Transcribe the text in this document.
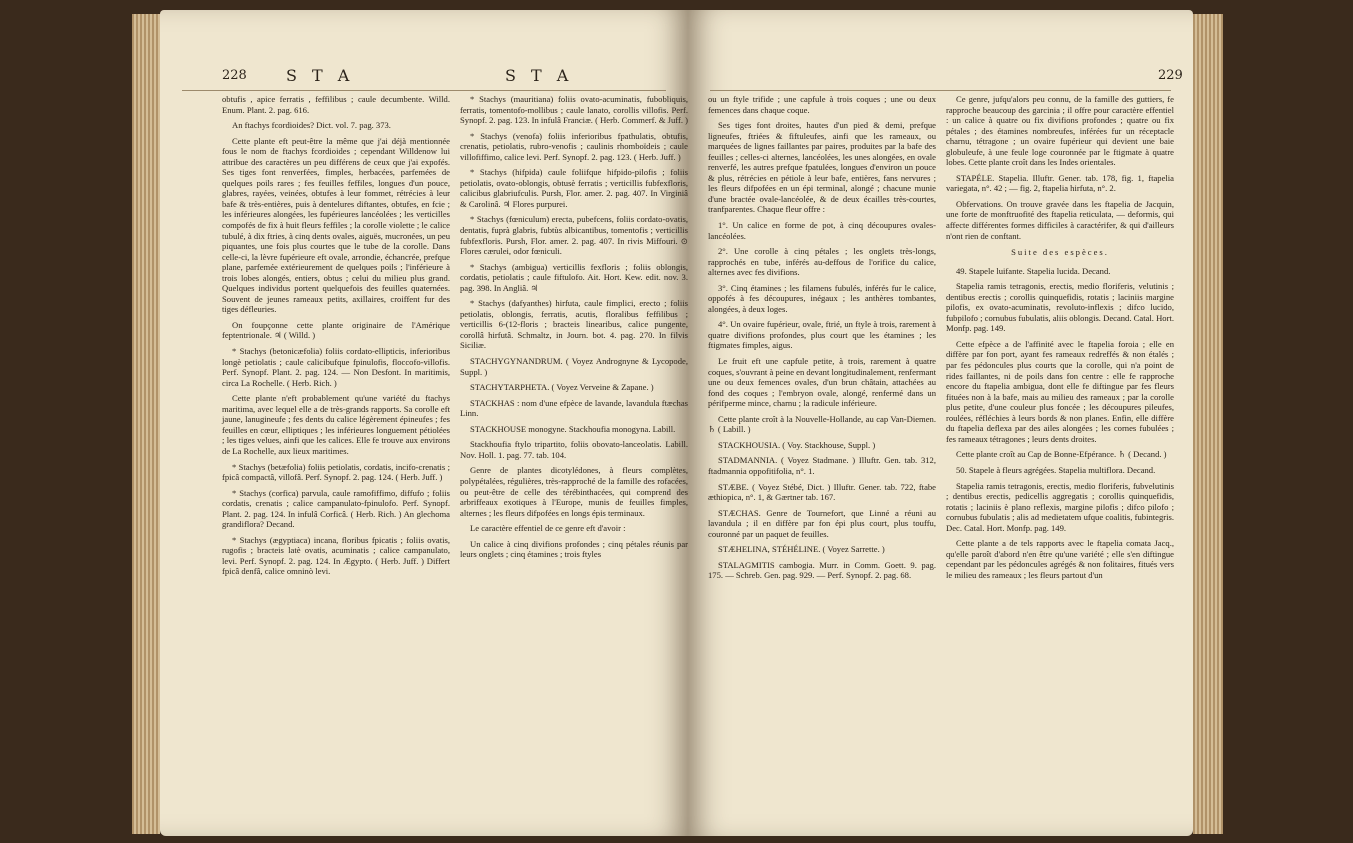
228 S T A	S T A

obtufis , apice ferratis , feffilibus ; caule decumbente. Willd. Enum. Plant. 2. pag. 616.

An ftachys fcordioides? Dict. vol. 7. pag. 373.

Cette plante eft peut-être la même que j'ai déjà mentionnée fous le nom de ftachys fcordioides ; cependant Willdenow lui attribue des caractères un peu différens de ceux que j'ai expofés. Ses tiges font renverfées, fimples, herbacées, parfemées de quelques poils rares ; fes feuilles feffiles, longues d'un pouce, glabres, rayées, veinées, obtufes à leur fommet, rétrécies à leur bafe & très-entières, puis à dentelures diftantes, obtufes, en fcie ; les inférieures alongées, les fupérieures lancéolées ; les verticilles compofés de fix à huit fleurs feffiles ; la corolle violette ; le calice tubulé, à dix ftries, à cinq dents ovales, aiguës, mucronées, un peu piquantes, une fois plus courtes que le tube de la corolle. Dans celle-ci, la lèvre fupérieure eft ovale, arrondie, échancrée, prefque plane, parfemée extérieurement de quelques poils ; l'inférieure à trois lobes alongés, entiers, obtus ; celui du milieu plus grand. Quelques individus portent quelquefois des feuilles quaternées. Souvent de jeunes rameaux petits, axillaires, croiffent fur des tiges défleuries.

On foupçonne cette plante originaire de l'Amérique feptentrionale. ♃ ( Willd. )

* Stachys (betonicæfolia) foliis cordato-ellipticis, inferioribus longè petiolatis ; caule calicibufque fpinulofis, floccofo-villofis. Perf. Synopf. Plant. 2. pag. 124. — Non Desfont. In maritimis, circa La Rochelle. ( Herb. Rich. )

Cette plante n'eft probablement qu'une variété du ftachys maritima, avec lequel elle a de très-grands rapports. Sa corolle eft jaune, lanugineufe ; fes dents du calice légèrement épineufes ; fes feuilles en cœur, elliptiques ; les inférieures longuement pétiolées ; les tiges velues, ainfi que les calices. Elle fe trouve aux environs de La Rochelle, aux lieux maritimes.

* Stachys (betæfolia) foliis petiolatis, cordatis, incifo-crenatis ; fpicâ compactâ, villofâ. Perf. Synopf. 2. pag. 124. ( Herb. Juff. )

* Stachys (corfica) parvula, caule ramofiffimo, diffufo ; foliis cordatis, crenatis ; calice campanulato-fpinulofo. Perf. Synopf. Plant. 2. pag. 124. In infulâ Corficâ. ( Herb. Rich. ) An glechoma grandiflora? Decand.

* Stachys (ægyptiaca) incana, floribus fpicatis ; foliis ovatis, rugofis ; bracteis latè ovatis, acuminatis ; calice campanulato, levi. Perf. Synopf. 2. pag. 124. In Ægypto. ( Herb. Juff. ) Differt fpicâ denfâ, calice omninò levi.

* Stachys (mauritiana) foliis ovato-acuminatis, fubobliquis, ferratis, tomentofo-mollibus ; caule lanato, corollis villofis. Perf. Synopf. 2. pag. 123. In infulâ Franciæ. ( Herb. Commerf. & Juff. )

* Stachys (venofa) foliis inferioribus fpathulatis, obtufis, crenatis, petiolatis, rubro-venofis ; caulinis rhomboïdeis ; caule villofiffimo, calice levi. Perf. Synopf. 2. pag. 123. ( Herb. Juff. )

* Stachys (hifpida) caule foliifque hifpido-pilofis ; foliis petiolatis, ovato-oblongis, obtusè ferratis ; verticillis fubfexfloris, calicibus glabriufculis. Pursh, Flor. amer. 2. pag. 407. In Virginiâ & Carolinâ. ♃ Flores purpurei.

* Stachys (fœniculum) erecta, pubefcens, foliis cordato-ovatis, dentatis, fuprà glabris, fubtùs albicantibus, tomentofis ; verticillis fubfexfloris. Pursh, Flor. amer. 2. pag. 407. In rivis Miffouri. ⊙ Flores cærulei, odor fœniculi.

* Stachys (ambigua) verticillis fexfloris ; foliis oblongis, cordatis, petiolatis ; caule fiftulofo. Ait. Hort. Kew. edit. nov. 3. pag. 398. In Angliâ. ♃

* Stachys (dafyanthes) hirfuta, caule fimplici, erecto ; foliis petiolatis, oblongis, ferratis, acutis, floralibus feffilibus ; verticillis 6-(12-floris ; bracteis linearibus, calice pungente, corollâ hirfutâ. Schmaltz, in Journ. bot. 4. pag. 270. In filvis Siciliæ.

STACHYGYNANDRUM. ( Voyez Andrognyne & Lycopode, Suppl. )

STACHYTARPHETA. ( Voyez Verveine & Zapane. )

STACKHAS : nom d'une efpèce de lavande, lavandula ftæchas Linn.

STACKHOUSE monogyne. Stackhoufia monogyna. Labill.

Stackhoufia ftylo tripartito, foliis obovato-lanceolatis. Labill. Nov. Holl. 1. pag. 77. tab. 104.

Genre de plantes dicotylédones, à fleurs complètes, polypétalées, régulières, très-rapproché de la famille des rofacées, ou peut-être de celle des térébinthacées, qui comprend des arbriffeaux exotiques à l'Europe, munis de feuilles fimples, alternes ; les fleurs difpofées en longs épis terminaux.

Le caractère effentiel de ce genre eft d'avoir :

Un calice à cinq divifions profondes ; cinq pétales réunis par leurs onglets ; cinq étamines ; trois ftyles

229

ou un ftyle trifide ; une capfule à trois coques ; une ou deux femences dans chaque coque.

Ses tiges font droites, hautes d'un pied & demi, prefque ligneufes, ftriées & fiftuleufes, ainfi que les rameaux, ou marquées de lignes faillantes par paires, produites par la bafe des feuilles ; celles-ci alternes, lancéolées, les unes alongées, en ovale renverfé, les autres prefque fpatulées, longues d'environ un pouce & plus, rétrécies en pétiole à leur bafe, entières, fans nervures ; les fleurs difpofées en un épi terminal, alongé ; chacune munie d'une bractée ovale-lancéolée, & de deux écailles très-courtes, tranfparentes. Chaque fleur offre :

1°. Un calice en forme de pot, à cinq découpures ovales-lancéolées.

2°. Une corolle à cinq pétales ; les onglets très-longs, rapprochés en tube, inférés au-deffous de l'orifice du calice, alternes avec fes divifions.

3°. Cinq étamines ; les filamens fubulés, inférés fur le calice, oppofés à fes découpures, inégaux ; les anthères tombantes, alongées, à deux loges.

4°. Un ovaire fupérieur, ovale, ftrié, un ftyle à trois, rarement à quatre divifions profondes, plus court que les étamines ; les ftigmates fimples, aigus.

Le fruit eft une capfule petite, à trois, rarement à quatre coques, s'ouvrant à peine en devant longitudinalement, renfermant une ou deux femences ovales, d'un brun châtain, attachées au fond des coques ; l'embryon ovale, alongé, renfermé dans un périfperme mince, charnu ; la radicule inférieure.

Cette plante croît à la Nouvelle-Hollande, au cap Van-Diemen. ♄ ( Labill. )

STACKHOUSIA. ( Voy. Stackhouse, Suppl. )

STADMANNIA. ( Voyez Stadmane. ) Illuftr. Gen. tab. 312, ftadmannia oppofitifolia, n°. 1.

STÆBE. ( Voyez Stébé, Dict. ) Illuftr. Gener. tab. 722, ftabe æthiopica, n°. 1, & Gærtner tab. 167.

STÆCHAS. Genre de Tournefort, que Linné a réuni au lavandula ; il en diffère par fon épi plus court, plus touffu, couronné par un paquet de feuilles.

STÆHELINA, STÉHÉLINE. ( Voyez Sarrette. )

STALAGMITIS cambogia. Murr. in Comm. Goett. 9. pag. 175. — Schreb. Gen. pag. 929. — Perf. Synopf. 2. pag. 68.

Ce genre, jufqu'alors peu connu, de la famille des guttiers, fe rapproche beaucoup des garcinia ; il offre pour caractère effentiel : un calice à quatre ou fix divifions profondes ; quatre ou fix pétales ; des étamines nombreufes, inférées fur un réceptacle charnu, tétragone ; un ovaire fupérieur qui devient une baie globuleufe, à une feule loge couronnée par le ftigmate à quatre lobes. Cette plante croît dans les Indes orientales.

STAPÉLE. Stapelia. Illuftr. Gener. tab. 178, fig. 1, ftapelia variegata, n°. 42 ; — fig. 2, ftapelia hirfuta, n°. 2.

Obfervations. On trouve gravée dans les ftapelia de Jacquin, une forte de monftruofité des ftapelia reticulata, — deformis, qui affecte différentes formes difficiles à caractérifer, & qui d'ailleurs n'ont rien de conftant.

Suite des espèces.

49. Stapele luifante. Stapelia lucida. Decand.

Stapelia ramis tetragonis, erectis, medio floriferis, velutinis ; dentibus erectis ; corollis quinquefidis, rotatis ; laciniis margine pilofis, ex ovato-acuminatis, revoluto-inflexis ; difco lucido, fubpilofo ; cornubus fubulatis, aliis oblongis. Decand. Catal. Hort. Monfp. pag. 149.

Cette efpèce a de l'affinité avec le ftapelia foroia ; elle en diffère par fon port, ayant fes rameaux redreffés & non étalés ; par fes pédoncules plus courts que la corolle, qui n'a point de rides faillantes, ni de poils dans fon centre : elle fe rapproche encore du ftapelia ambigua, dont elle fe diftingue par fes fleurs fituées non à la bafe, mais au milieu des rameaux ; par la corolle plus petite, d'une couleur plus foncée ; les découpures pileufes, roulées, réfléchies à leurs bords & non planes. Enfin, elle diffère du ftapelia deflexa par des ailes alongées ; les cornes fubulées ; fes rameaux tétragones ; leurs dents droites.

Cette plante croît au Cap de Bonne-Efpérance. ♄ ( Decand. )

50. Stapele à fleurs agrégées. Stapelia multiflora. Decand.

Stapelia ramis tetragonis, erectis, medio floriferis, fubvelutinis ; dentibus erectis, pedicellis aggregatis ; corollis quinquefidis, rotatis ; laciniis è plano reflexis, margine pilofis ; difco pilofo ; cornubus fubulatis ; alis ad medietatem ufque coalitis, fubintegris. Dec. Catal. Hort. Monfp. pag. 149.

Cette plante a de tels rapports avec le ftapelia comata Jacq., qu'elle paroît d'abord n'en être qu'une variété ; elle s'en diftingue cependant par les pédoncules agrégés & non folitaires, fitués vers le milieu des rameaux ; les fleurs partout d'un
